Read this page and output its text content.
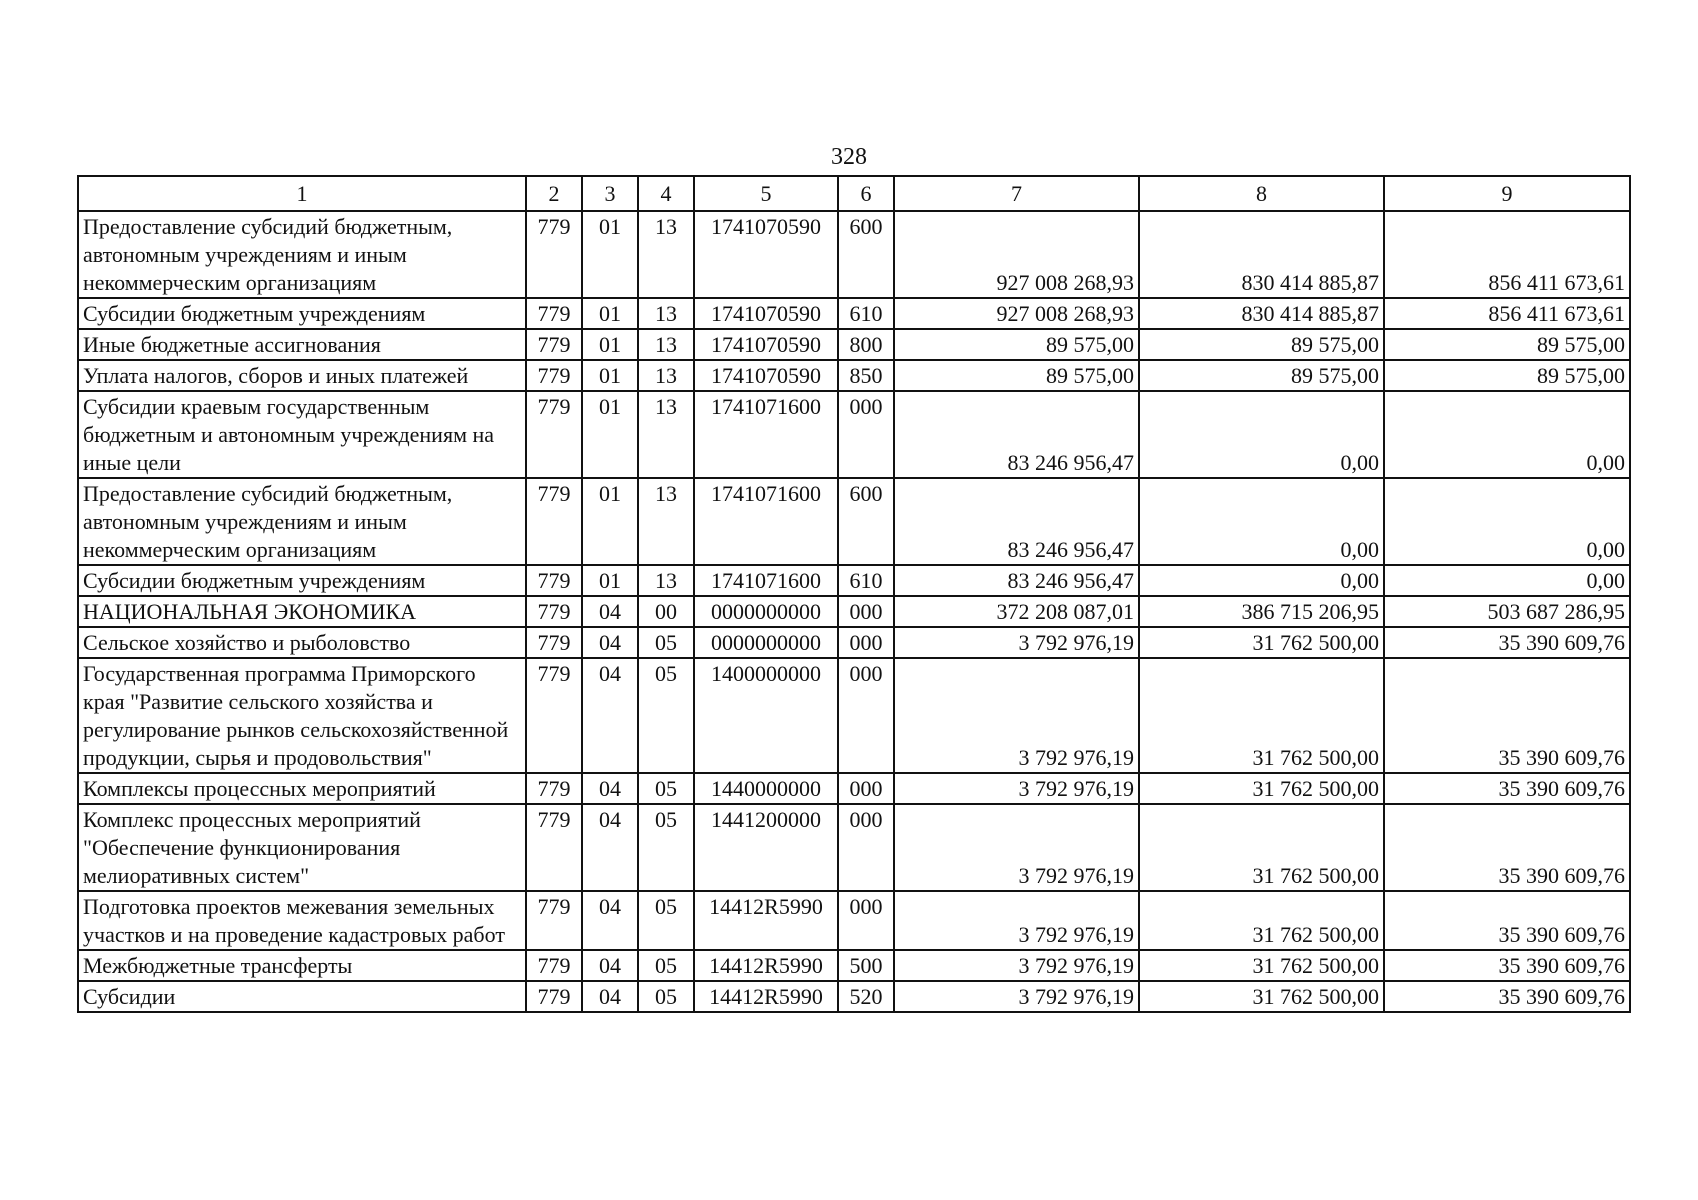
328
1	2	3	4	5	6	7	8	9
Предоставление субсидий бюджетным, автономным учреждениям и иным некоммерческим организациям	779	01	13	1741070590	600	927 008 268,93	830 414 885,87	856 411 673,61
Субсидии бюджетным учреждениям	779	01	13	1741070590	610	927 008 268,93	830 414 885,87	856 411 673,61
Иные бюджетные ассигнования	779	01	13	1741070590	800	89 575,00	89 575,00	89 575,00
Уплата налогов, сборов и иных платежей	779	01	13	1741070590	850	89 575,00	89 575,00	89 575,00
Субсидии краевым государственным бюджетным и автономным учреждениям на иные цели	779	01	13	1741071600	000	83 246 956,47	0,00	0,00
Предоставление субсидий бюджетным, автономным учреждениям и иным некоммерческим организациям	779	01	13	1741071600	600	83 246 956,47	0,00	0,00
Субсидии бюджетным учреждениям	779	01	13	1741071600	610	83 246 956,47	0,00	0,00
НАЦИОНАЛЬНАЯ ЭКОНОМИКА	779	04	00	0000000000	000	372 208 087,01	386 715 206,95	503 687 286,95
Сельское хозяйство и рыболовство	779	04	05	0000000000	000	3 792 976,19	31 762 500,00	35 390 609,76
Государственная программа Приморского края "Развитие сельского хозяйства и регулирование рынков сельскохозяйственной продукции, сырья и продовольствия"	779	04	05	1400000000	000	3 792 976,19	31 762 500,00	35 390 609,76
Комплексы процессных мероприятий	779	04	05	1440000000	000	3 792 976,19	31 762 500,00	35 390 609,76
Комплекс процессных мероприятий "Обеспечение функционирования мелиоративных систем"	779	04	05	1441200000	000	3 792 976,19	31 762 500,00	35 390 609,76
Подготовка проектов межевания земельных участков и на проведение кадастровых работ	779	04	05	14412R5990	000	3 792 976,19	31 762 500,00	35 390 609,76
Межбюджетные трансферты	779	04	05	14412R5990	500	3 792 976,19	31 762 500,00	35 390 609,76
Субсидии	779	04	05	14412R5990	520	3 792 976,19	31 762 500,00	35 390 609,76
